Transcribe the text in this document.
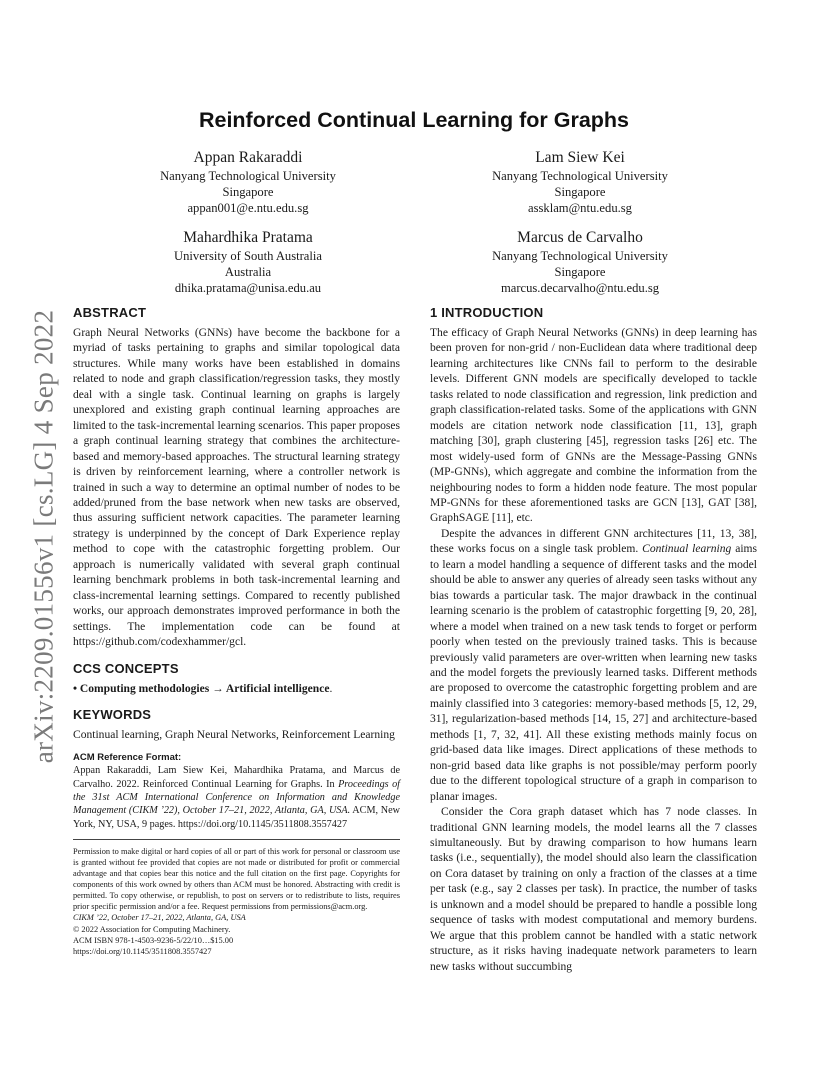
arXiv:2209.01556v1 [cs.LG] 4 Sep 2022
Reinforced Continual Learning for Graphs
Appan Rakaraddi
Nanyang Technological University
Singapore
appan001@e.ntu.edu.sg
Lam Siew Kei
Nanyang Technological University
Singapore
assklam@ntu.edu.sg
Mahardhika Pratama
University of South Australia
Australia
dhika.pratama@unisa.edu.au
Marcus de Carvalho
Nanyang Technological University
Singapore
marcus.decarvalho@ntu.edu.sg
ABSTRACT

Graph Neural Networks (GNNs) have become the backbone for a myriad of tasks pertaining to graphs and similar topological data structures. While many works have been established in domains related to node and graph classification/regression tasks, they mostly deal with a single task. Continual learning on graphs is largely unexplored and existing graph continual learning approaches are limited to the task-incremental learning scenarios. This paper proposes a graph continual learning strategy that combines the architecture-based and memory-based approaches. The structural learning strategy is driven by reinforcement learning, where a controller network is trained in such a way to determine an optimal number of nodes to be added/pruned from the base network when new tasks are observed, thus assuring sufficient network capacities. The parameter learning strategy is underpinned by the concept of Dark Experience replay method to cope with the catastrophic forgetting problem. Our approach is numerically validated with several graph continual learning benchmark problems in both task-incremental learning and class-incremental learning settings. Compared to recently published works, our approach demonstrates improved performance in both the settings. The implementation code can be found at https://github.com/codexhammer/gcl.

CCS CONCEPTS

• Computing methodologies → Artificial intelligence.

KEYWORDS

Continual learning, Graph Neural Networks, Reinforcement Learning

ACM Reference Format:

Appan Rakaraddi, Lam Siew Kei, Mahardhika Pratama, and Marcus de Carvalho. 2022. Reinforced Continual Learning for Graphs. In Proceedings of the 31st ACM International Conference on Information and Knowledge Management (CIKM ’22), October 17–21, 2022, Atlanta, GA, USA. ACM, New York, NY, USA, 9 pages. https://doi.org/10.1145/3511808.3557427

Permission to make digital or hard copies of all or part of this work for personal or classroom use is granted without fee provided that copies are not made or distributed for profit or commercial advantage and that copies bear this notice and the full citation on the first page. Copyrights for components of this work owned by others than ACM must be honored. Abstracting with credit is permitted. To copy otherwise, or republish, to post on servers or to redistribute to lists, requires prior specific permission and/or a fee. Request permissions from permissions@acm.org.
CIKM ’22, October 17–21, 2022, Atlanta, GA, USA
© 2022 Association for Computing Machinery.
ACM ISBN 978-1-4503-9236-5/22/10…$15.00
https://doi.org/10.1145/3511808.3557427
1 INTRODUCTION

The efficacy of Graph Neural Networks (GNNs) in deep learning has been proven for non-grid / non-Euclidean data where traditional deep learning architectures like CNNs fail to perform to the desirable levels. Different GNN models are specifically developed to tackle tasks related to node classification and regression, link prediction and graph classification-related tasks. Some of the applications with GNN models are citation network node classification [11, 13], graph matching [30], graph clustering [45], regression tasks [26] etc. The most widely-used form of GNNs are the Message-Passing GNNs (MP-GNNs), which aggregate and combine the information from the neighbouring nodes to form a hidden node feature. The most popular MP-GNNs for these aforementioned tasks are GCN [13], GAT [38], GraphSAGE [11], etc.

Despite the advances in different GNN architectures [11, 13, 38], these works focus on a single task problem. Continual learning aims to learn a model handling a sequence of different tasks and the model should be able to answer any queries of already seen tasks without any bias towards a particular task. The major drawback in the continual learning scenario is the problem of catastrophic forgetting [9, 20, 28], where a model when trained on a new task tends to forget or perform poorly when tested on the previously trained tasks. This is because previously valid parameters are over-written when learning new tasks and the model forgets the previously learned tasks. Different methods are proposed to overcome the catastrophic forgetting problem and are mainly classified into 3 categories: memory-based methods [5, 12, 29, 31], regularization-based methods [14, 15, 27] and architecture-based methods [1, 7, 32, 41]. All these existing methods mainly focus on grid-based data like images. Direct applications of these methods to non-grid based data like graphs is not possible/may perform poorly due to the different topological structure of a graph in comparison to planar images.

Consider the Cora graph dataset which has 7 node classes. In traditional GNN learning models, the model learns all the 7 classes simultaneously. But by drawing comparison to how humans learn tasks (i.e., sequentially), the model should also learn the classification on Cora dataset by training on only a fraction of the classes at a time per task (e.g., say 2 classes per task). In practice, the number of tasks is unknown and a model should be prepared to handle a possible long sequence of tasks with modest computational and memory burdens. We argue that this problem cannot be handled with a static network structure, as it risks having inadequate network parameters to learn new tasks without succumbing
